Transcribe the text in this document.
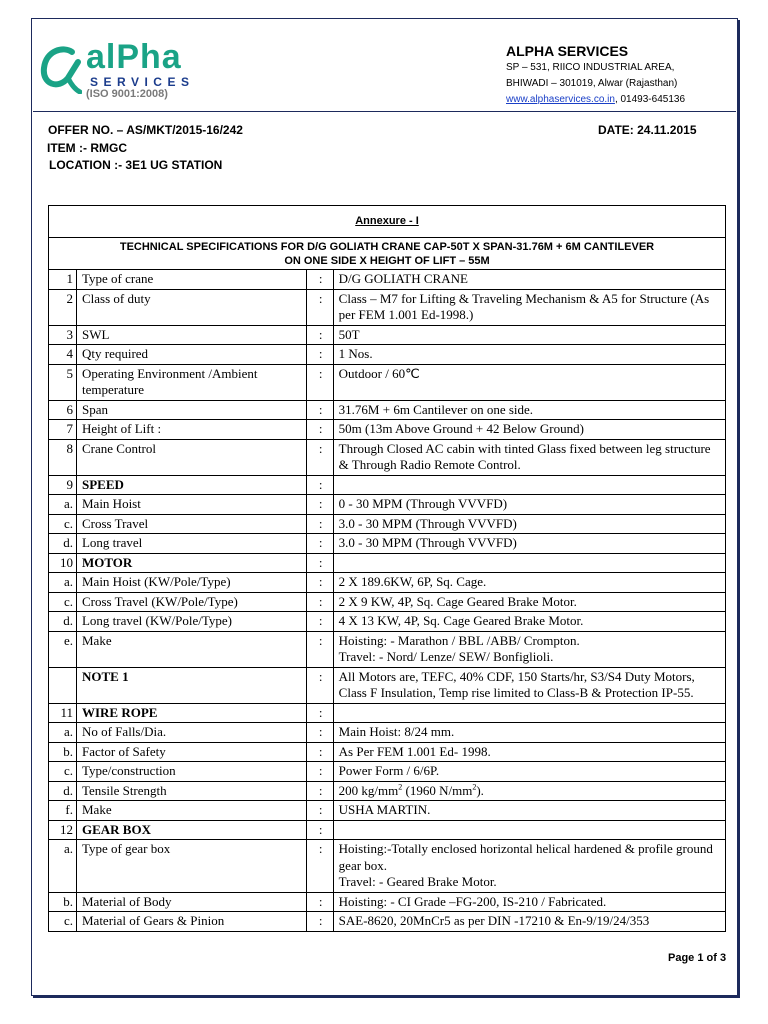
alPha
SERVICES
(ISO 9001:2008)
ALPHA SERVICES
SP – 531, RIICO INDUSTRIAL AREA,
BHIWADI – 301019, Alwar (Rajasthan)
www.alphaservices.co.in, 01493-645136
OFFER NO. – AS/MKT/2015-16/242	DATE: 24.11.2015
ITEM :- RMGC
LOCATION :- 3E1 UG STATION
Annexure - I
TECHNICAL SPECIFICATIONS FOR D/G GOLIATH CRANE CAP-50T X SPAN-31.76M + 6M CANTILEVER
ON ONE SIDE X HEIGHT OF LIFT – 55M
1	Type of crane	:	D/G GOLIATH CRANE

2	Class of duty	:	Class – M7 for Lifting & Traveling Mechanism & A5 for Structure (As per FEM 1.001 Ed-1998.)

3	SWL	:	50T

4	Qty required	:	1 Nos.

5	Operating Environment /Ambient temperature	:	Outdoor / 60℃

6	Span	:	31.76M + 6m Cantilever on one side.

7	Height of Lift :	:	50m (13m Above Ground + 42 Below Ground)

8	Crane Control	:	Through Closed AC cabin with tinted Glass fixed between leg structure & Through Radio Remote Control.

9	SPEED	:	

a.	Main Hoist	:	0 - 30 MPM (Through VVVFD)

c.	Cross Travel	:	3.0 - 30 MPM (Through VVVFD)

d.	Long travel	:	3.0 - 30 MPM (Through VVVFD)

10	MOTOR	:	

a.	Main Hoist (KW/Pole/Type)	:	2 X 189.6KW, 6P, Sq. Cage.

c.	Cross Travel (KW/Pole/Type)	:	2 X 9 KW, 4P, Sq. Cage Geared Brake Motor.

d.	Long travel (KW/Pole/Type)	:	4 X 13 KW, 4P, Sq. Cage Geared Brake Motor.

e.	Make	:	Hoisting: - Marathon / BBL /ABB/ Crompton.
Travel: - Nord/ Lenze/ SEW/ Bonfiglioli.

	NOTE 1	:	All Motors are, TEFC, 40% CDF, 150 Starts/hr, S3/S4 Duty Motors, Class F Insulation, Temp rise limited to Class-B & Protection IP-55.

11	WIRE ROPE	:	

a.	No of Falls/Dia.	:	Main Hoist: 8/24 mm.

b.	Factor of Safety	:	As Per FEM 1.001 Ed- 1998.

c.	Type/construction	:	Power Form / 6/6P.

d.	Tensile Strength	:	200 $kg/mm^2$ (1960 $N/mm^2$).
f.	Make	:	USHA MARTIN.

12	GEAR BOX	:	

a.	Type of gear box	:	Hoisting:-Totally enclosed horizontal helical hardened & profile ground gear box.
Travel: - Geared Brake Motor.

b.	Material of Body	:	Hoisting: - CI Grade –FG-200, IS-210 / Fabricated.

c.	Material of Gears & Pinion	:	SAE-8620, 20MnCr5 as per DIN -17210 & En-9/19/24/353
Page 1 of 3
